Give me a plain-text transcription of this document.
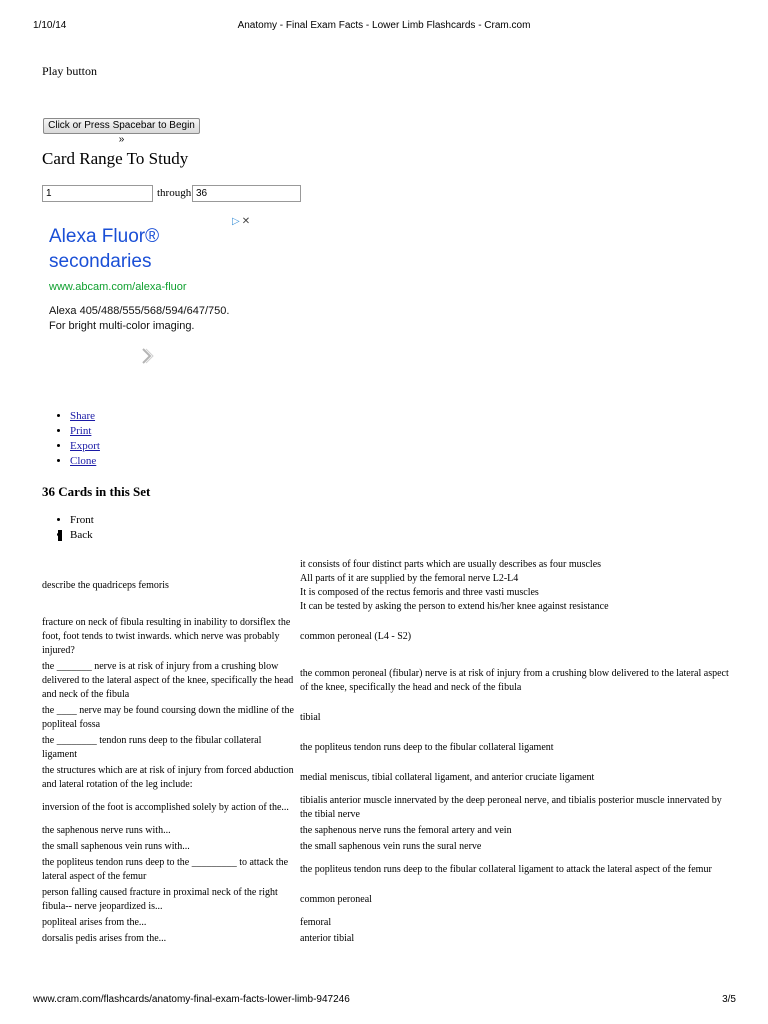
1/10/14	Anatomy - Final Exam Facts - Lower Limb Flashcards - Cram.com
Play button
Click or Press Spacebar to Begin »
Card Range To Study
1
through
36
▷ ✕
Alexa Fluor® secondaries
www.abcam.com/alexa-fluor
Alexa 405/488/555/568/594/647/750.
For bright multi-color imaging.
• Share
• Print
• Export
• Clone
36 Cards in this Set
• Front
• Back
describe the quadriceps femoris	it consists of four distinct parts which are usually describes as four muscles
All parts of it are supplied by the femoral nerve L2-L4
It is composed of the rectus femoris and three vasti muscles
It can be tested by asking the person to extend his/her knee against resistance

fracture on neck of fibula resulting in inability to dorsiflex the foot, foot tends to twist inwards. which nerve was probably injured?	common peroneal (L4 - S2)

the _______ nerve is at risk of injury from a crushing blow delivered to the lateral aspect of the knee, specifically the head and neck of the fibula	the common peroneal (fibular) nerve is at risk of injury from a crushing blow delivered to the lateral aspect of the knee, specifically the head and neck of the fibula

the ____ nerve may be found coursing down the midline of the popliteal fossa	tibial

the ________ tendon runs deep to the fibular collateral ligament	the popliteus tendon runs deep to the fibular collateral ligament

the structures which are at risk of injury from forced abduction and lateral rotation of the leg include:	medial meniscus, tibial collateral ligament, and anterior cruciate ligament

inversion of the foot is accomplished solely by action of the...	tibialis anterior muscle innervated by the deep peroneal nerve, and tibialis posterior muscle innervated by the tibial nerve

the saphenous nerve runs with...	the saphenous nerve runs the femoral artery and vein

the small saphenous vein runs with...	the small saphenous vein runs the sural nerve

the popliteus tendon runs deep to the _________ to attack the lateral aspect of the femur	the popliteus tendon runs deep to the fibular collateral ligament to attack the lateral aspect of the femur

person falling caused fracture in proximal neck of the right fibula-- nerve jeopardized is...	common peroneal

popliteal arises from the...	femoral

dorsalis pedis arises from the...	anterior tibial
www.cram.com/flashcards/anatomy-final-exam-facts-lower-limb-947246	3/5
